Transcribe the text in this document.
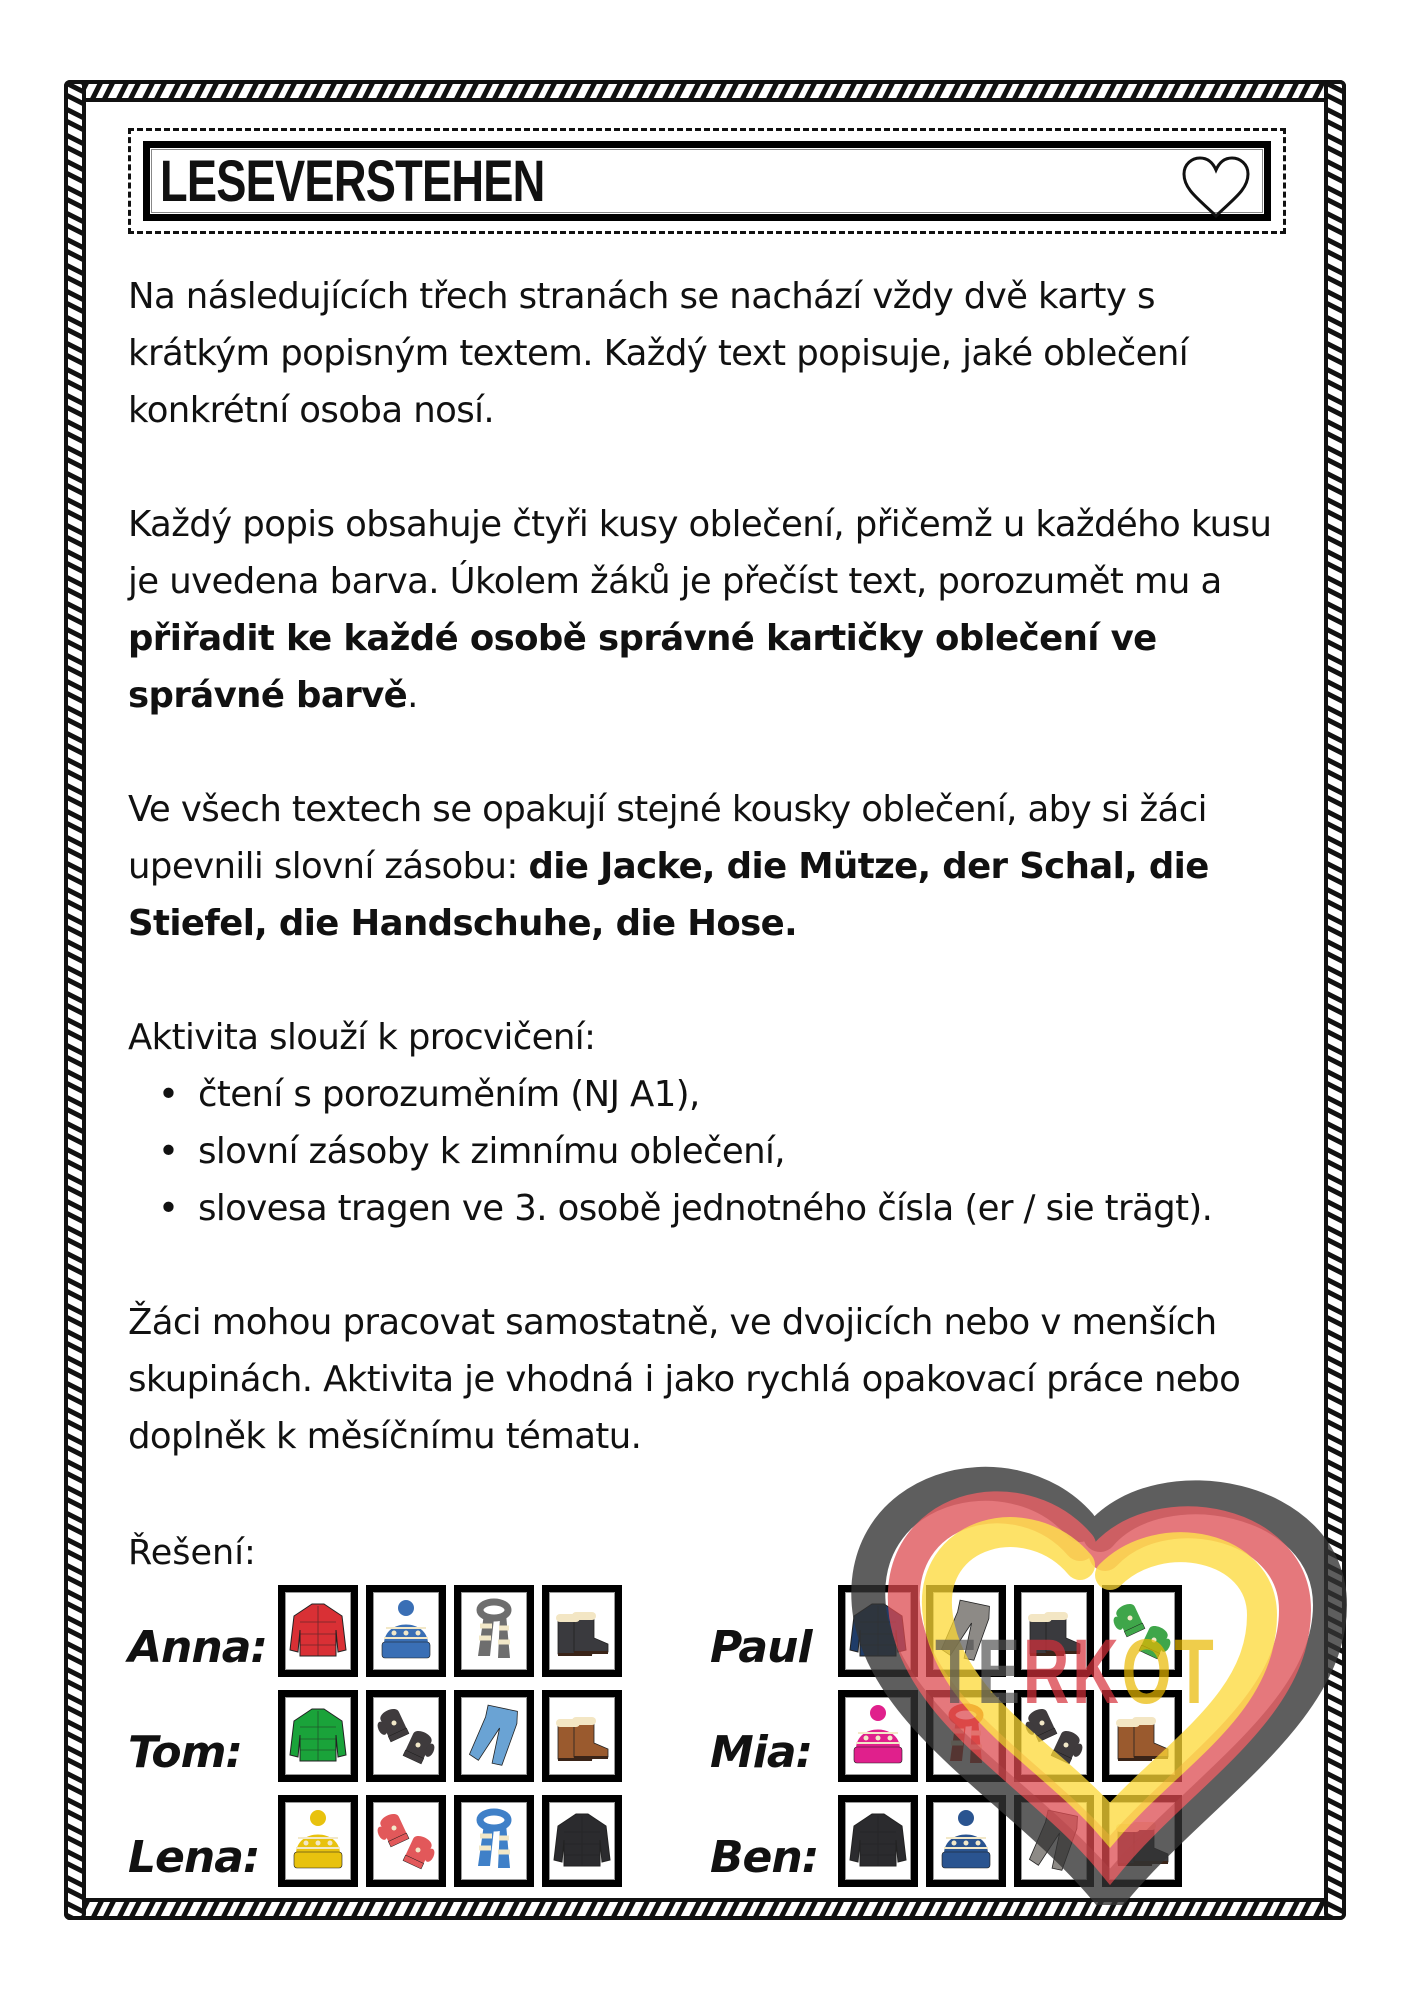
LESEVERSTEHEN

Na následujících třech stranách se nachází vždy dvě karty s krátkým popisným textem. Každý text popisuje, jaké oblečení konkrétní osoba nosí.

Každý popis obsahuje čtyři kusy oblečení, přičemž u každého kusu je uvedena barva. Úkolem žáků je přečíst text, porozumět mu a přiřadit ke každé osobě správné kartičky oblečení ve správné barvě.

Ve všech textech se opakují stejné kousky oblečení, aby si žáci upevnili slovní zásobu: die Jacke, die Mütze, der Schal, die Stiefel, die Handschuhe, die Hose.

Aktivita slouží k procvičení:

• čtení s porozuměním (NJ A1),
• slovní zásoby k zimnímu oblečení,
• slovesa tragen ve 3. osobě jednotného čísla (er / sie trägt).

Žáci mohou pracovat samostatně, ve dvojicích nebo v menších skupinách. Aktivita je vhodná i jako rychlá opakovací práce nebo doplněk k měsíčnímu tématu.

Řešení:
Anna:
Tom:
Lena:
Paul
Mia:
Ben:
TERKOT
